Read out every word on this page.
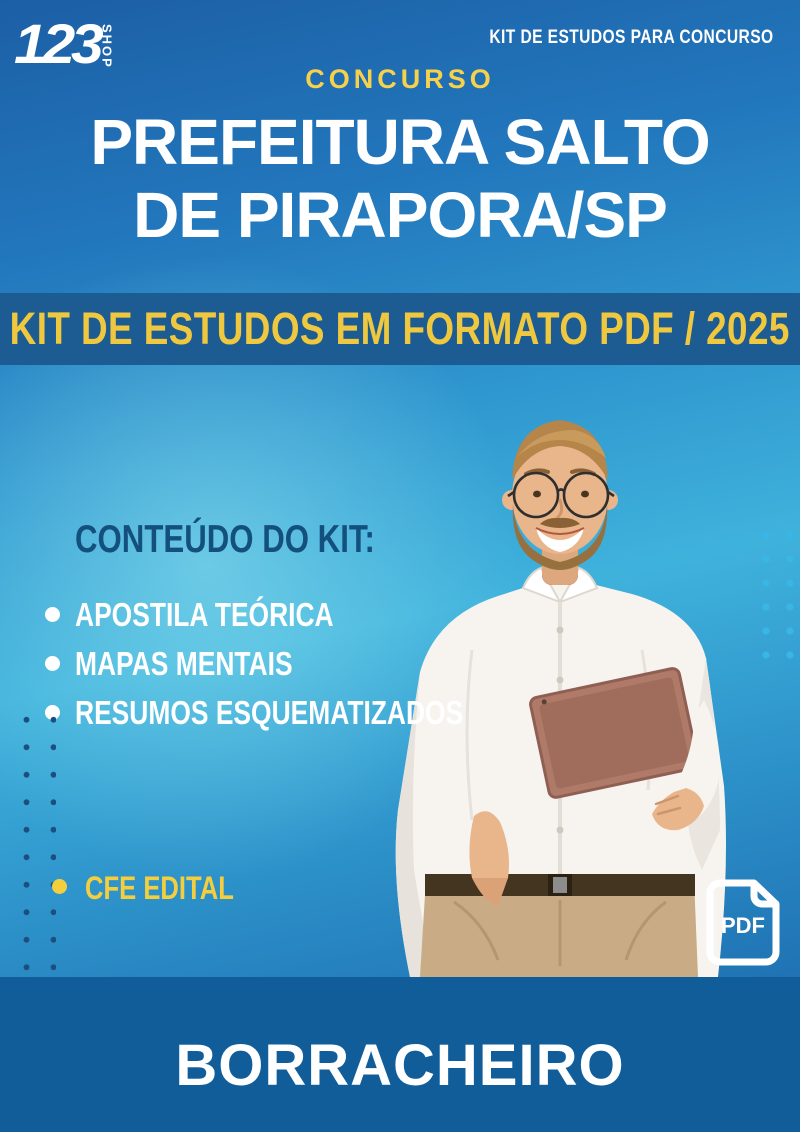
123 SHOP	KIT DE ESTUDOS PARA CONCURSO
CONCURSO
PREFEITURA SALTO
DE PIRAPORA/SP
KIT DE ESTUDOS EM FORMATO PDF / 2025
CONTEÚDO DO KIT:
APOSTILA TEÓRICA
MAPAS MENTAIS
RESUMOS ESQUEMATIZADOS
CFE EDITAL
PDF
BORRACHEIRO
